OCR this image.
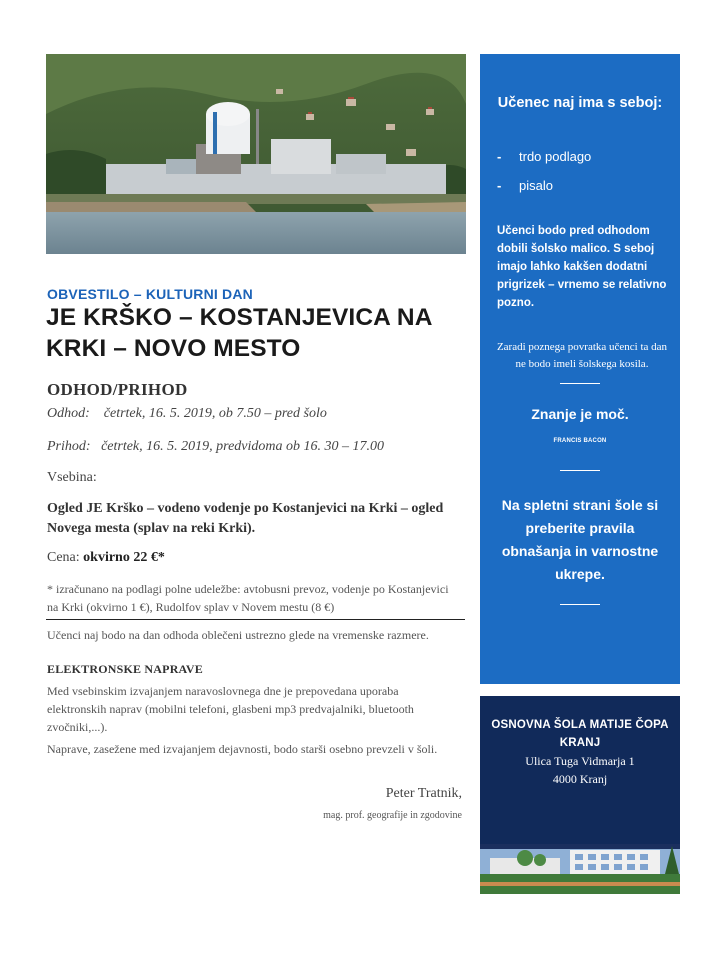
OBVESTILO – KULTURNI DAN
JE KRŠKO – KOSTANJEVICA NA KRKI – NOVO MESTO
ODHOD/PRIHOD
Odhod: četrtek, 16. 5. 2019, ob 7.50 – pred šolo
Prihod: četrtek, 16. 5. 2019, predvidoma ob 16. 30 – 17.00
Vsebina:
Ogled JE Krško – vodeno vodenje po Kostanjevici na Krki – ogled Novega mesta (splav na reki Krki).
Cena: okvirno 22 €*
* izračunano na podlagi polne udeležbe: avtobusni prevoz, vodenje po Kostanjevici na Krki (okvirno 1 €), Rudolfov splav v Novem mestu (8 €)
Učenci naj bodo na dan odhoda oblečeni ustrezno glede na vremenske razmere.
ELEKTRONSKE NAPRAVE
Med vsebinskim izvajanjem naravoslovnega dne je prepovedana uporaba elektronskih naprav (mobilni telefoni, glasbeni mp3 predvajalniki, bluetooth zvočniki,...).
Naprave, zasežene med izvajanjem dejavnosti, bodo starši osebno prevzeli v šoli.
Peter Tratnik,
mag. prof. geografije in zgodovine
Učenec naj ima s seboj:
- trdo podlago
- pisalo
Učenci bodo pred odhodom dobili šolsko malico. S seboj imajo lahko kakšen dodatni prigrizek – vrnemo se relativno pozno.
Zaradi poznega povratka učenci ta dan ne bodo imeli šolskega kosila.
Znanje je moč.
FRANCIS BACON
Na spletni strani šole si preberite pravila obnašanja in varnostne ukrepe.
OSNOVNA ŠOLA MATIJE ČOPA KRANJ
Ulica Tuga Vidmarja 1
4000 Kranj
